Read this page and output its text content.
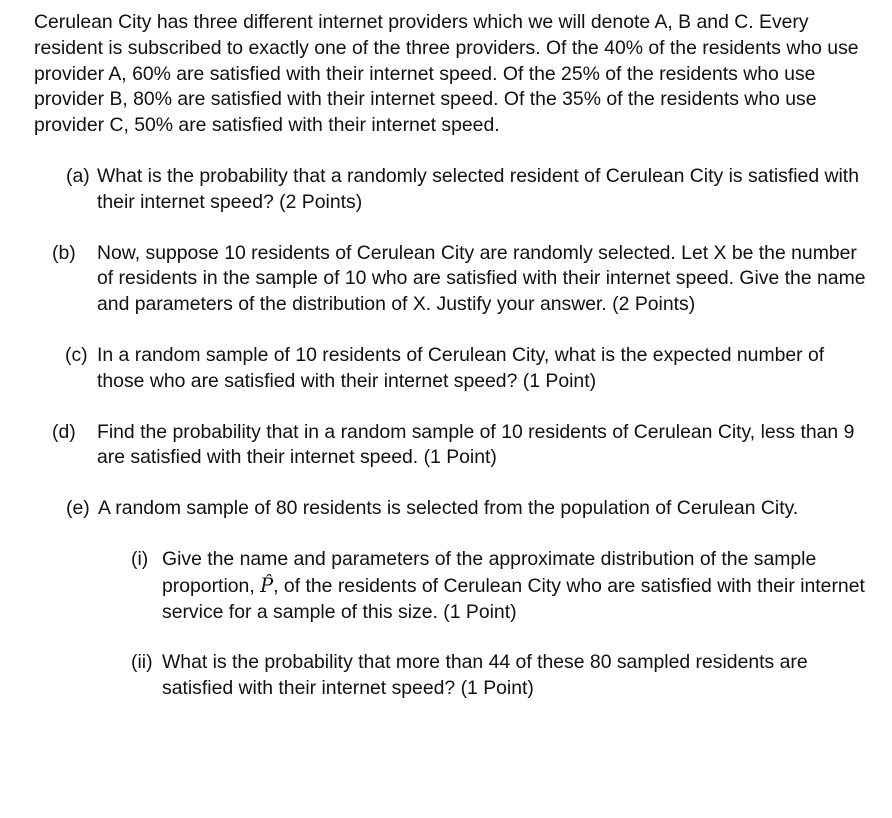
Cerulean City has three different internet providers which we will denote A, B and C. Every resident is subscribed to exactly one of the three providers. Of the 40% of the residents who use provider A, 60% are satisfied with their internet speed. Of the 25% of the residents who use provider B, 80% are satisfied with their internet speed. Of the 35% of the residents who use provider C, 50% are satisfied with their internet speed.

(a) What is the probability that a randomly selected resident of Cerulean City is satisfied with their internet speed? (2 Points)
(b) Now, suppose 10 residents of Cerulean City are randomly selected. Let X be the number of residents in the sample of 10 who are satisfied with their internet speed. Give the name and parameters of the distribution of X. Justify your answer. (2 Points)
(c) In a random sample of 10 residents of Cerulean City, what is the expected number of those who are satisfied with their internet speed? (1 Point)
(d) Find the probability that in a random sample of 10 residents of Cerulean City, less than 9 are satisfied with their internet speed. (1 Point)
(e) A random sample of 80 residents is selected from the population of Cerulean City.
(i) Give the name and parameters of the approximate distribution of the sample proportion, P̂, of the residents of Cerulean City who are satisfied with their internet service for a sample of this size. (1 Point)
(ii) What is the probability that more than 44 of these 80 sampled residents are satisfied with their internet speed? (1 Point)
